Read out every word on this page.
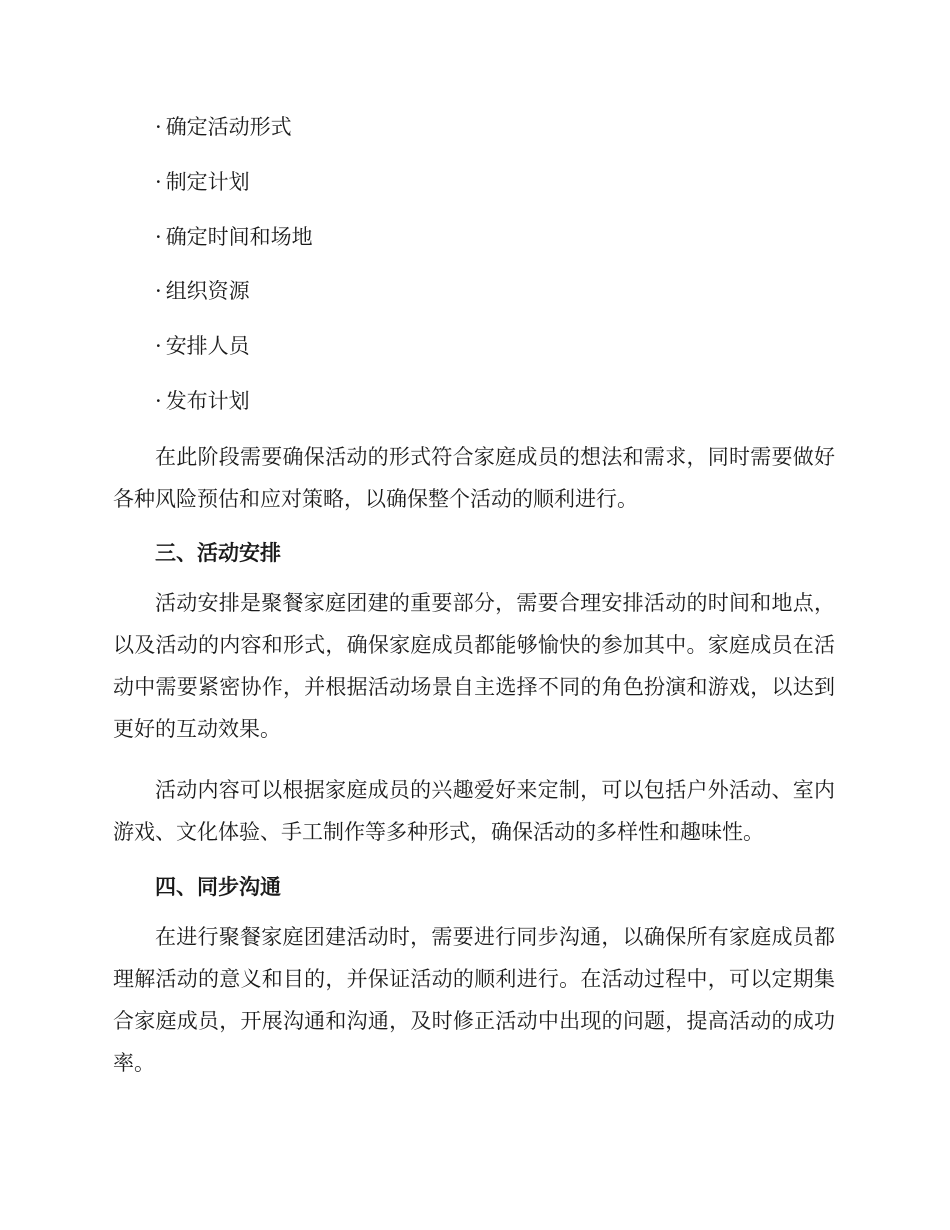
· 确定活动形式
· 制定计划
· 确定时间和场地
· 组织资源
· 安排人员
· 发布计划

在此阶段需要确保活动的形式符合家庭成员的想法和需求，同时需要做好各种风险预估和应对策略，以确保整个活动的顺利进行。

三、活动安排

活动安排是聚餐家庭团建的重要部分，需要合理安排活动的时间和地点，以及活动的内容和形式，确保家庭成员都能够愉快的参加其中。家庭成员在活动中需要紧密协作，并根据活动场景自主选择不同的角色扮演和游戏，以达到更好的互动效果。

活动内容可以根据家庭成员的兴趣爱好来定制，可以包括户外活动、室内游戏、文化体验、手工制作等多种形式，确保活动的多样性和趣味性。

四、同步沟通

在进行聚餐家庭团建活动时，需要进行同步沟通，以确保所有家庭成员都理解活动的意义和目的，并保证活动的顺利进行。在活动过程中，可以定期集合家庭成员，开展沟通和沟通，及时修正活动中出现的问题，提高活动的成功率。
